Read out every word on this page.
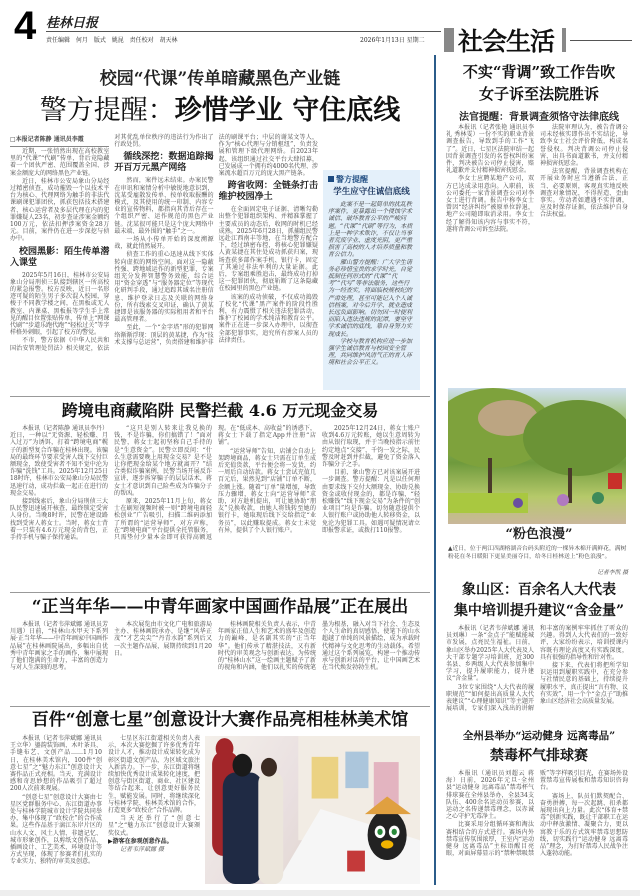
4 桂林日报
责任编辑 何月 版式 姚昆 责任校对 胡天林	2026年1月13日 星期二 社会生活
校园“代课”传单暗藏黑色产业链
警方提醒：珍惜学业 守住底线

□本报记者陈静 通讯员李霞

近期，一张悄然出现在高校教室里的“代课”“代刷”传单，背后竟隐藏着一个团伙严密、范围覆盖全国、涉案金额庞大的网络黑色产业链。

近日，桂林市公安局象山分局经过精密侦查，成功摧毁一个以技术平台为核心、代理网络为触手的非法代课刷课犯罪团伙，抓获包括技术搭建者、核心运营者及多层代理在内的犯罪嫌疑人23名，初步查证涉案金额约100万元，依法扣押涉案资金28万元。目前，案件仍在进一步深挖与侦办中。

校园黑影：陌生传单潜入课堂

2025年5月16日，桂林市公安局象山分局刑侦三队接到辖区一所高校的紧急报警。校方反映，近日一名形迹可疑的陌生男子多次混入校园，穿梭于不同教学楼之间，在黑板或无人教室、内课桌、黑板报等学生手上常见的醒目位置张贴传单，传单上“网课代刷”“步道乐跑代跑”“轻松过关”等字样格外刺眼，引起了校方的警觉。

不市，警方依据《中华人民共和国治安管理处罚法》相关规定，依法对其优乱单位秩序的违法行为作出了行政处罚。

循线深挖：数据追踪揭开百万元黑产网络

然而，案件远未结束。办案民警在审讯和案情分析中敏锐地意识到，沈某受雇散发传单、按单收取报酬的模式，及其使用的统一印制、内容专业的宣传物料，都指向其背后存在一个组织严密、运作规范的黑色产业链。沈某很可能只是这个庞大网络中最末端、最外围的“触手”之一。

一场从小传单开始的深度溯源战，就此悄然展开。

侦查工作的重心迅速从线下实体转向虚拟的网络空间。面对这一隐蔽性强、跨地域运作的新型犯罪，专案组充分发挥智慧警务效能，综合运用“资金穿透”与“服务器定位”等现代化研判手段，通过追踪其域名注册信息、维护登录日志及关联的网络身份，所有线索交叉印证，确认了黄某捷即是该服务器的实际租用者和平台最高管理者。

至此，一个“金字塔”形的犯罪网络渐渐浮现：顶层的黄某捷，作为“技术支撑与总运营”，负责搭建和维护非法的刷课平台；中层的谢某文等人，作为“核心代理与分销枢纽”，负责发展和管理下级代理网络。自2023年起，该组织通过社交平台大肆招募，已发展成一个拥有约4000名代理、涉案流水超百万元的庞大黑产链条。

跨省收网：全链条打击维护校园净土

在全面固定电子证据、清晰勾勒出整个犯罪组织架构、并精准掌握了主要成员的动态后，收网的时机已经成熟。2025年6月28日，抓捕组民警远赴江西南丰等地，在当地警方配合下，经过缜密布控，将核心犯罪嫌疑人黄某捷在其住处成功抓获归案，现场查获多部作案手机、银行卡，固定了其通过非法牟利的大量证据。此后，专案组乘胜追击，最终成功打掉这一犯罪团伙，彻底斩断了这条隐藏在校园里的黑色产业链。

该案的成功侦破，不仅成功捣毁了校化“代课”黑产案件的阶段性胜利，有力震慑了相关违法犯罪活动，维护了校园的学术纯洁和教育公平。案件正在进一步深入办理中，以彻查全部犯罪事实，追究所有涉案人员的法律责任。

警方提醒
学生应守住诚信底线

此案不是一起简单的扰乱秩序案件，更暴露出一个侵蚀学术诚信、破坏教育公平的严峻问题。“代课”“代刷”等行为，本质上是一种学术欺诈，不仅让当事者荒废学业、虚度光阴，更严重损害了高校的人才培养质量和教育公信力。

雁山警方提醒：广大学生请务必珍惜宝贵的求学时光，自觉抵制任何形式的“代课”“代考”“代写”等非法服务，这些行为一经查实，将面临校规校纪的严肃处理，甚至可能记入个人诚信档案，对今后升学、就业造成长远负面影响。切勿因一时便利而陷入违法违规的泥潭，要坚守学术诚信的底线，靠自身努力实现成长。

学校与教育机构应进一步加强学生诚信教育与校园安全管理，共同维护风清气正的育人环境和社会公平正义。

跨境电商藏陷阱 民警拦截 4.6 万元现金交易

本报讯（记者陈静 通讯员李丹）近日，一种以“无资源、轻松赚、月入过万”为诱饵，打着“跨境电商”幌子的新型复合诈骗在桂林出现。该骗局的最终环节要求受害人线下交付巨额现金，致使受害者不知不觉中沦为诈骗“洗钱”工具。2025年12月25日18时许，桂林市公安局象山分局民警迅速行动，成功拦截一起正在进行的现金交易。

接到线索后，象山分局刑侦三大队民警迅速展开核查，最终锁定受害人身份。当晚8时许，民警在建设路找到受害人蒋女士。当时，蒋女士背着一只装有4.6万元现金的背包，正手持手机与骗子保持通话。

“这只是别人转来让我兑换的钱，不是诈骗，你们搞错了！”面对民警，蒋女士起初坚称自己手持的是“生意资金”。民警立即反问：“什么生意需要晚上用现金交易？是不是让你把现金给某个地方就离开？”结合类似诈骗案例，民警当场开展反诈宣讲，逐步拆穿骗子的层层话术，蒋女士才意识到自己险些成为诈骗分子的帮凶。

原来，2025年11月上旬，蒋女士在刷短视频时被一则“跨境电商轻松创业”广告吸引，扫描二维码添加了所谓的“运营导师”，对方声称，在“跨境电商”平台提供全托管服务，只需垫付少量本金即可获得高额返现。在“低成本、高收益”的诱惑下，蒋女士下载了指定App并注册“店铺”。

“运营导师”告知，店铺会自动上架跨境商品，蒋女士只需在订单生成后充值货款，平台便会将一发货，约一周后自动结款。蒋女士尝试充值几百元后，果然见到“店铺”订单不断，余额上涨。随着“订单”量增加，导致压力骤增，蒋女士向“运营导师”求助，对方趁机提出，可让她协助“朋友”兑换收款，由她人将钱转至她的银行卡，她取现后线下交给指定“业务员”，以此赚取提成。蒋女士未觉有异，提供了个人银行账户。

2025年12月24日，蒋女士账户收到4.6万元转账，她以生意周转为由从银行取现，并于当晚按指示前往约定地点“交接”，千钧一发之际，民警及时赶到并拦截，避免了资金落入诈骗分子之手。

目前，象山警方已对该案展开进一步调查。警方提醒：凡是以任何理由要求线下交付大额现金、协助兑换资金或收付现金的，都是诈骗，“轻松赚钱”“线下现金交易”为条件的“创业项目”均是诈骗。切勿随意提供个人银行账户或协助他人转移资金，以免沦为犯罪工具。如遇可疑情况请立即报警求证，或拨打110报警。

“正当年华——中青年画家中国画作品展”正在展出

本报讯（记者韦萍斌娜 通讯员芳川遇）日前，“桂林山水甲天下系列展·正当年华——中青年画家中国画作品展”在桂林画院展出，多幅出自优秀中青年画家之手的画作，集中展现了他们饱满的生命力，丰富的创造力与对人生深刻的思考。

本次展览由市文化广电和旅游局主办、桂林画院承办，是继“风华正茂”“才艺尖尖”“丹青水韵”系列后又一次主题作品展，展期持续到1月20日。

桂林画院相关负责人表示，中青年画家正值人生和艺术的盛年及创造力的巅峰，是名副其实的“正当年华”。他们传承了精湛技法，又有新时代的审美观念与创新表达。为传统的“桂林山水”这一绘画主题赋予了新的视角和内涵，他们以扎实的传统笔墨为根基，融入对当下社会、生态及个人生命的真切感悟，使笔下的山水超越了单纯的风景描绘，成为承载时代精神与文化思考的生动载体。希望通过这个系列展览，构建一个推动传承与创新对话的平台，让中国画艺术在当代焕发勃勃生机。

百件“创意七星”创意设计大赛作品亮相桂林美术馆

本报讯（记者韦萍斌娜 通讯员王立华）鎏韵装饰画、木叶茶具、手缝布艺、文创产品……1月10日，在桂林美术馆内，100件“创意七星”之“魅力东江”创意设计大赛作品正式亮相。当天，充满设计感和奇思妙想的作品吸引了超过200人次前来观展。

“创意七星”创意设计大赛由七星区党群服务中心、东江街道办事处与桂林学院城市设计学院共同举办，集中体现了“政校企”的合作成果。这些作品基于漓江东岸片区的山水人文、风土人情、非遗记忆、城市形象创作，以剪纸文创作品、插画设计、工艺美术、环境设计等方式呈现，体现了参赛者们扎实的专业实力、独特的审美及创意。

七星区东江街道相关负责人表示，本次大赛挖掘了许多优秀青年设计人才，推动设计成果转化成为彰区街道文创产品，为区域文旅注入新活力。下一步，东江街道将继续加快优秀设计成果转化速度，把创意与街区街道、商业、社区建设等结合起来，让创意更好服务民生，赋能发展。同时，将继续深化与桂林学院、桂林美术馆的合作，打造更多“政校企”合作品牌。

当天还举行了“创意七星”之“魅力东江”创意设计大赛颁奖仪式。

▶游客在参观创意作品。

记者韦萍斌娜 摄

不实“背调”致工作告吹
女子诉至法院胜诉
法官提醒：背景调查须恪守法律底线

本报讯（记者张艳 通讯员李礼 秀林雯）一份不实的职业背景调查报告，导致到手的工作“飞了”。近日，七星区法院审结一起因背景调查引发的名誉权纠纷案件，判决被告公司停止侵害，赔礼道歉并支付精神损害抚慰金。

李女士应聘某地产公司，双方已达成录用意向。入职前，该公司委托一家背景调查公司对李女士进行背调。报告中称李女士曾因“经济纠纷”被原单位辞退，地产公司随即取消录用。李女士经了解得知该内容与事实不符，遂将背调公司诉至法院。

法院审理认为，被告背调公司未经核实即作出不实结论，导致李女士社会评价降低，构成名誉侵权。判决背调公司停止侵害、出具书面道歉书，并支付精神损害抚慰金。

法官提醒，背景调查机构在开展业务时应当遵循合法、正当、必要原则，客观真实地反映调查对象情况，不得捏造、歪曲事实。劳动者如遭遇不实背调，应及时保存证据，依法维护自身合法权益。

“粉色浪漫”
▲近日，位于两江四湖榕湖音台码头附近的一棵异木棉开满鲜花，满树粉花在冬日暖阳下更显美丽夺目，给冬日桂林送上“粉色浪漫”。
记者李凯 摄
象山区：百余名人大代表
集中培训提升建议“含金量”

本报讯（记者韦萍斌娜 通讯员刘琳）一条“金点子”能赋能城市发展，点亮民生福祉。日前，象山区举办2025年人大代表及人大干部专题学习培训班，近300名县、乡两级人大代表参加集中学习，提升履职能力，提升建议“含金量”。

3位专家围绕“人大代表的履职规范”“如何提出高质量人大代表建议”“心理健康知识”等主题开展培训，专家们深入浅出的讲解和丰富的案例牢牢抓住了听众的兴趣。得到人大代表们的一致好评，大家纷纷表示，培训授课内容既有理论高度又有实践深度，具有很强的指导性和针对性。

接下来，代表们将把所学知识运用到履职实践中，在充分参与社情民意的基础上，持续提升履职水平，真正提出“言有物、议有实效”，用一个个“金点子”助推象山区经济社会高质量发展。

全州县举办“运动健身 远离毒品”
禁毒杯气排球赛

本报讯（通讯员刘超云 蒋海）日前，2026年元旦·全州县“运动健身 远离毒品”禁毒杯气排球赛在全州县举办，全县34支队伍、400余名运动员参赛，以运动之名传递禁毒理念，以赤诚之心守护无毒净土。

比赛采用分组循环赛和淘汰赛相结合的方式进行。赛场内外禁毒宣传氛围浓厚，王室内“运动健身 远离毒品”主标语醒目亮眼，对面屏幕显示的“禁种禁吸禁贩”等字样吸引目光，在赛场外设置禁毒宣传展板和禁毒知识咨询台。

赛场上，队员们默契配合、奋勇拼搏，每一次起跳、扣杀都展现出向上力量。此次“体育+禁毒”创新实践，既让干部职工在运动中释放激情、凝聚合力，更以寓教于乐的方式筑牢禁毒思想防线，切实践行“运动健身 远离毒品”理念，为打好禁毒人民战争注入蓬勃动能。
